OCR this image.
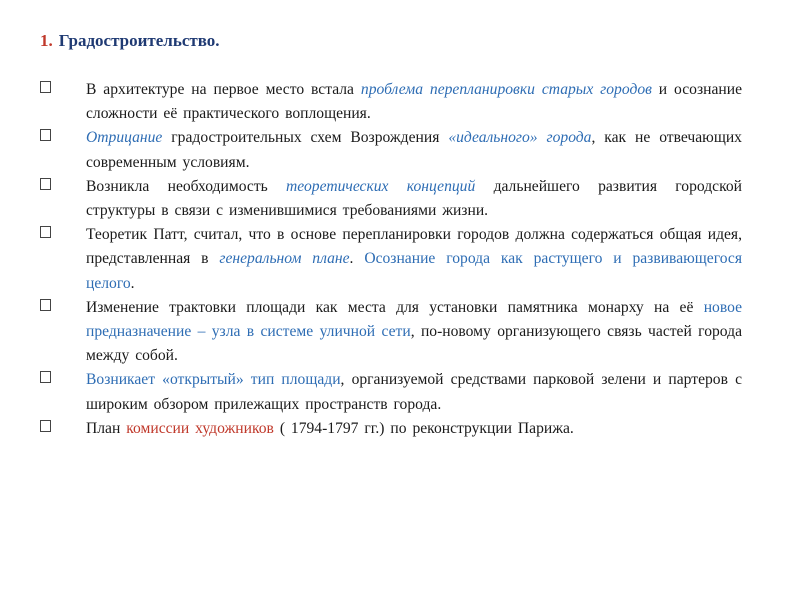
1. Градостроительство.
В архитектуре на первое место встала проблема перепланировки старых городов и осознание сложности её практического воплощения.
Отрицание градостроительных схем Возрождения «идеального» города, как не отвечающих современным условиям.
Возникла необходимость теоретических концепций дальнейшего развития городской структуры в связи с изменившимися требованиями жизни.
Теоретик Патт, считал, что в основе перепланировки городов должна содержаться общая идея, представленная в генеральном плане. Осознание города как растущего и развивающегося целого.
Изменение трактовки площади как места для установки памятника монарху на её новое предназначение – узла в системе уличной сети, по-новому организующего связь частей города между собой.
Возникает «открытый» тип площади, организуемой средствами парковой зелени и партеров с широким обзором прилежащих пространств города.
План комиссии художников ( 1794-1797 гг.) по реконструкции Парижа.
